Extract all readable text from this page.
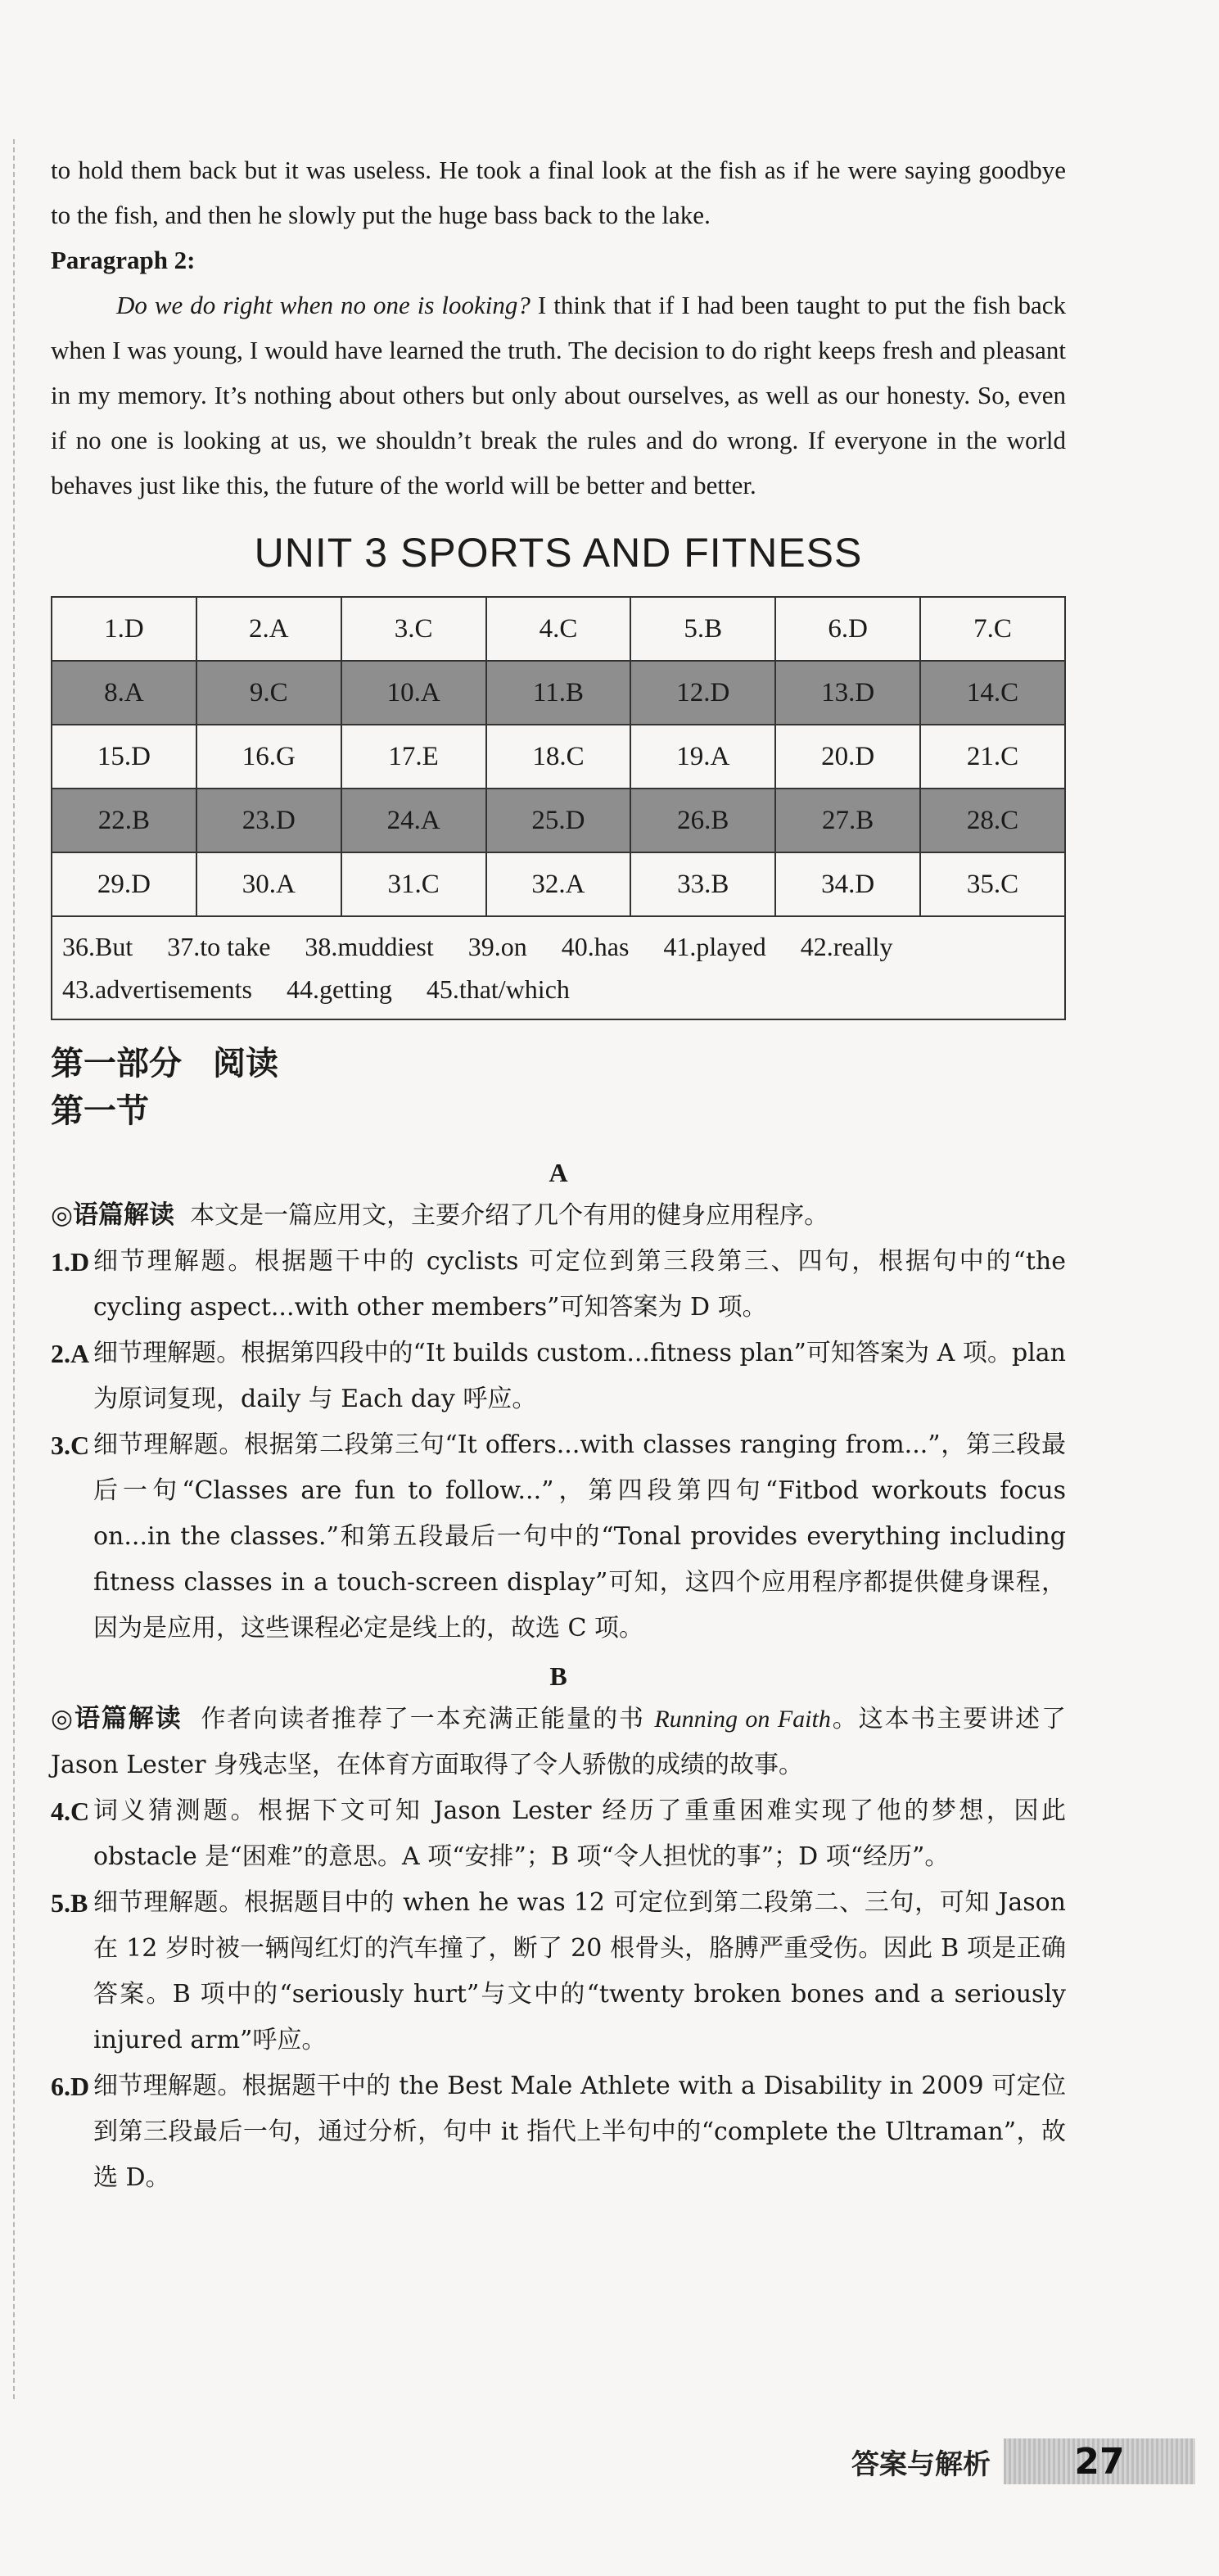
to hold them back but it was useless. He took a final look at the fish as if he were saying goodbye to the fish, and then he slowly put the huge bass back to the lake.

Paragraph 2:

Do we do right when no one is looking? I think that if I had been taught to put the fish back when I was young, I would have learned the truth. The decision to do right keeps fresh and pleasant in my memory. It’s nothing about others but only about ourselves, as well as our honesty. So, even if no one is looking at us, we shouldn’t break the rules and do wrong. If everyone in the world behaves just like this, the future of the world will be better and better.

UNIT 3 SPORTS AND FITNESS
1.D	2.A	3.C	4.C	5.B	6.D	7.C
8.A	9.C	10.A	11.B	12.D	13.D	14.C
15.D	16.G	17.E	18.C	19.A	20.D	21.C
22.B	23.D	24.A	25.D	26.B	27.B	28.C
29.D	30.A	31.C	32.A	33.B	34.D	35.C
36.But 37.to take 38.muddiest 39.on 40.has 41.played 42.really
43.advertisements 44.getting 45.that/which						
第一部分 阅读
第一节
A

◎语篇解读 本文是一篇应用文，主要介绍了几个有用的健身应用程序。

1.D 细节理解题。根据题干中的 cyclists 可定位到第三段第三、四句，根据句中的“the cycling aspect...with other members”可知答案为 D 项。
2.A 细节理解题。根据第四段中的“It builds custom...fitness plan”可知答案为 A 项。plan 为原词复现，daily 与 Each day 呼应。
3.C 细节理解题。根据第二段第三句“It offers...with classes ranging from...”，第三段最后一句“Classes are fun to follow...”，第四段第四句“Fitbod workouts focus on...in the classes.”和第五段最后一句中的“Tonal provides everything including fitness classes in a touch-screen display”可知，这四个应用程序都提供健身课程，因为是应用，这些课程必定是线上的，故选 C 项。
B

◎语篇解读 作者向读者推荐了一本充满正能量的书 Running on Faith。这本书主要讲述了 Jason Lester 身残志坚，在体育方面取得了令人骄傲的成绩的故事。

4.C 词义猜测题。根据下文可知 Jason Lester 经历了重重困难实现了他的梦想，因此 obstacle 是“困难”的意思。A 项“安排”；B 项“令人担忧的事”；D 项“经历”。
5.B 细节理解题。根据题目中的 when he was 12 可定位到第二段第二、三句，可知 Jason 在 12 岁时被一辆闯红灯的汽车撞了，断了 20 根骨头，胳膊严重受伤。因此 B 项是正确答案。B 项中的“seriously hurt”与文中的“twenty broken bones and a seriously injured arm”呼应。
6.D 细节理解题。根据题干中的 the Best Male Athlete with a Disability in 2009 可定位到第三段最后一句，通过分析，句中 it 指代上半句中的“complete the Ultraman”，故选 D。
答案与解析	27
